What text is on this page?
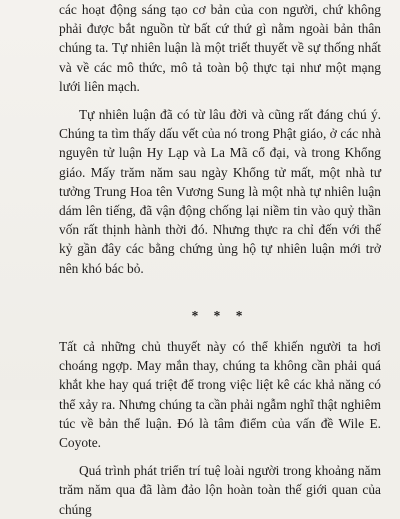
các hoạt động sáng tạo cơ bản của con người, chứ không phải được bắt nguồn từ bất cứ thứ gì nằm ngoài bản thân chúng ta. Tự nhiên luận là một triết thuyết về sự thống nhất và về các mô thức, mô tả toàn bộ thực tại như một mạng lưới liên mạch.

Tự nhiên luận đã có từ lâu đời và cũng rất đáng chú ý. Chúng ta tìm thấy dấu vết của nó trong Phật giáo, ở các nhà nguyên tử luận Hy Lạp và La Mã cổ đại, và trong Khổng giáo. Mấy trăm năm sau ngày Khổng tử mất, một nhà tư tưởng Trung Hoa tên Vương Sung là một nhà tự nhiên luận dám lên tiếng, đã vận động chống lại niềm tin vào quỷ thần vốn rất thịnh hành thời đó. Nhưng thực ra chỉ đến với thế kỷ gần đây các bằng chứng ủng hộ tự nhiên luận mới trở nên khó bác bỏ.

* * *

Tất cả những chủ thuyết này có thể khiến người ta hơi choáng ngợp. May mắn thay, chúng ta không cần phải quá khắt khe hay quá triệt để trong việc liệt kê các khả năng có thể xảy ra. Nhưng chúng ta cần phải ngẫm nghĩ thật nghiêm túc về bản thể luận. Đó là tâm điểm của vấn đề Wile E. Coyote.

Quá trình phát triển trí tuệ loài người trong khoảng năm trăm năm qua đã làm đảo lộn hoàn toàn thế giới quan của chúng
